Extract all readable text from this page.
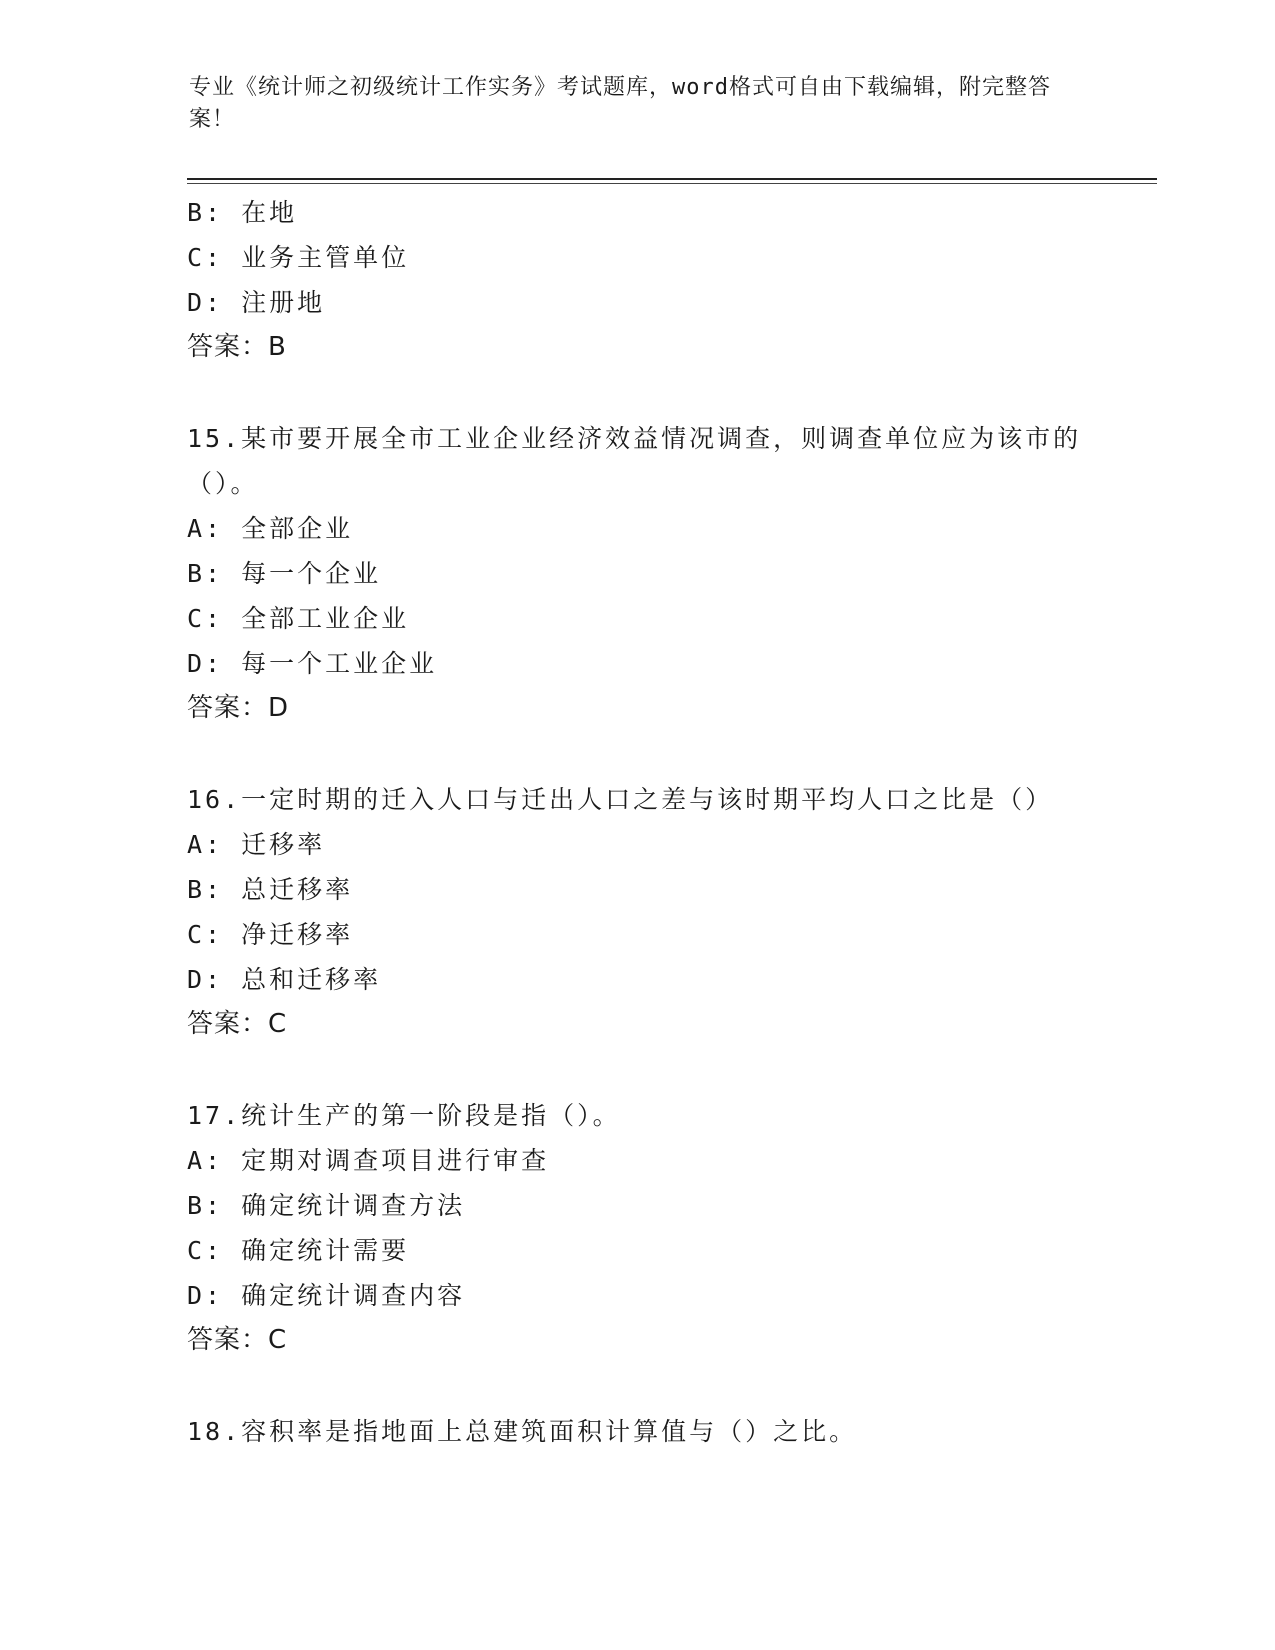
专业《统计师之初级统计工作实务》考试题库，word格式可自由下载编辑，附完整答案！
B: 在地
C: 业务主管单位
D: 注册地
答案：B
15.某市要开展全市工业企业经济效益情况调查，则调查单位应为该市的（）。
A: 全部企业
B: 每一个企业
C: 全部工业企业
D: 每一个工业企业
答案：D
16.一定时期的迁入人口与迁出人口之差与该时期平均人口之比是（）
A: 迁移率
B: 总迁移率
C: 净迁移率
D: 总和迁移率
答案：C
17.统计生产的第一阶段是指（）。
A: 定期对调查项目进行审查
B: 确定统计调查方法
C: 确定统计需要
D: 确定统计调查内容
答案：C
18.容积率是指地面上总建筑面积计算值与（）之比。
